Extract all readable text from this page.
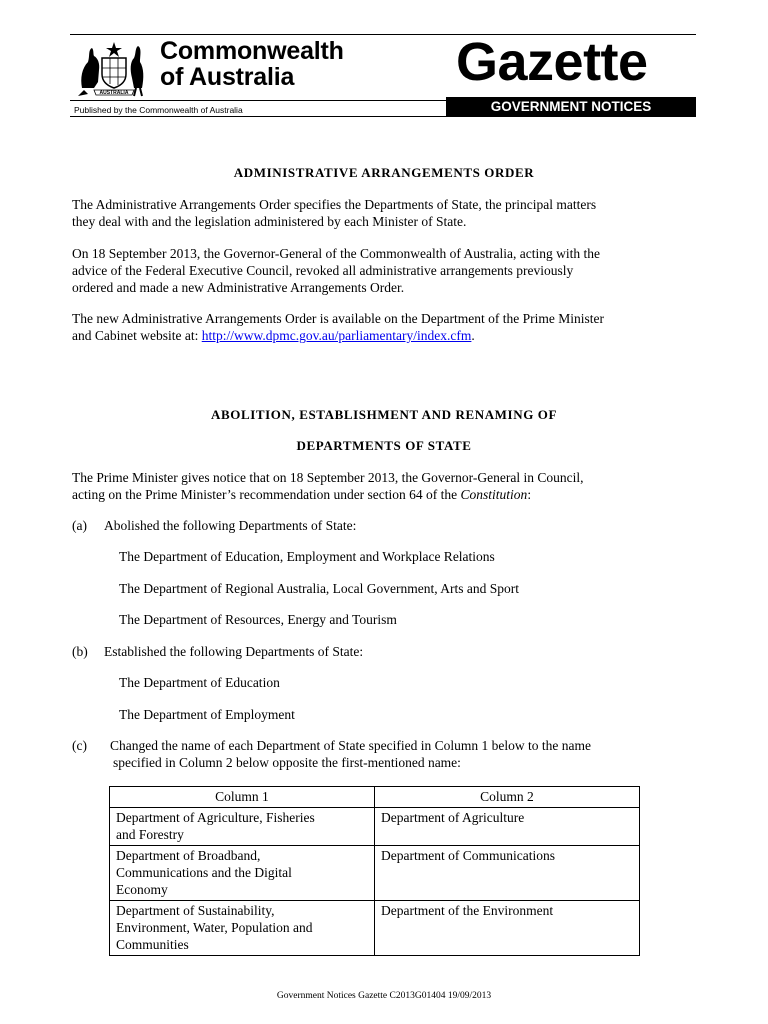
AUSTRALIA
Commonwealth
of Australia	Gazette
Published by the Commonwealth of Australia	GOVERNMENT NOTICES
ADMINISTRATIVE ARRANGEMENTS ORDER
The Administrative Arrangements Order specifies the Departments of State, the principal matters
they deal with and the legislation administered by each Minister of State.
On 18 September 2013, the Governor-General of the Commonwealth of Australia, acting with the
advice of the Federal Executive Council, revoked all administrative arrangements previously
ordered and made a new Administrative Arrangements Order.
The new Administrative Arrangements Order is available on the Department of the Prime Minister
and Cabinet website at: http://www.dpmc.gov.au/parliamentary/index.cfm.
ABOLITION, ESTABLISHMENT AND RENAMING OF
DEPARTMENTS OF STATE
The Prime Minister gives notice that on 18 September 2013, the Governor-General in Council,
acting on the Prime Minister’s recommendation under section 64 of the Constitution:
(a) Abolished the following Departments of State:
The Department of Education, Employment and Workplace Relations
The Department of Regional Australia, Local Government, Arts and Sport
The Department of Resources, Energy and Tourism
(b) Established the following Departments of State:
The Department of Education
The Department of Employment
(c) Changed the name of each Department of State specified in Column 1 below to the name
specified in Column 2 below opposite the first-mentioned name:
Column 1	Column 2

Department of Agriculture, Fisheries
and Forestry	Department of Agriculture

Department of Broadband,
Communications and the Digital
Economy	Department of Communications

Department of Sustainability,
Environment, Water, Population and
Communities	Department of the Environment
Government Notices Gazette C2013G01404 19/09/2013
